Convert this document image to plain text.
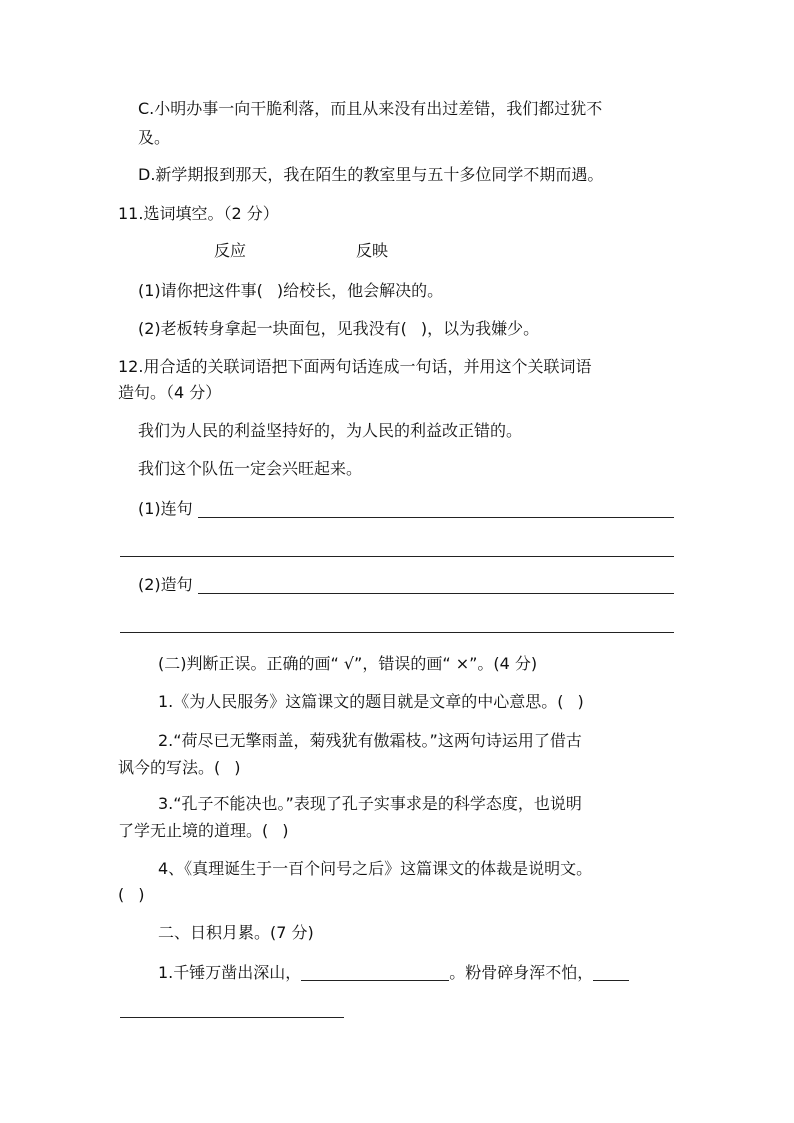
C.小明办事一向干脆利落，而且从来没有出过差错，我们都过犹不
及。
D.新学期报到那天，我在陌生的教室里与五十多位同学不期而遇。
11.选词填空。（2 分）
反应	反映
(1)请你把这件事( )给校长，他会解决的。
(2)老板转身拿起一块面包，见我没有( )，以为我嫌少。
12.用合适的关联词语把下面两句话连成一句话，并用这个关联词语
造句。（4 分）
我们为人民的利益坚持好的，为人民的利益改正错的。
我们这个队伍一定会兴旺起来。
(1)连句
(2)造句
(二)判断正误。正确的画“ √”，错误的画“ ×”。(4 分)
1.《为人民服务》这篇课文的题目就是文章的中心意思。( )
2.“荷尽已无擎雨盖，菊残犹有傲霜枝。”这两句诗运用了借古
讽今的写法。( )
3.“孔子不能决也。”表现了孔子实事求是的科学态度，也说明
了学无止境的道理。( )
4、《真理诞生于一百个问号之后》这篇课文的体裁是说明文。
( )
二、日积月累。(7 分)
1.千锤万凿出深山，	。粉骨碎身浑不怕，
